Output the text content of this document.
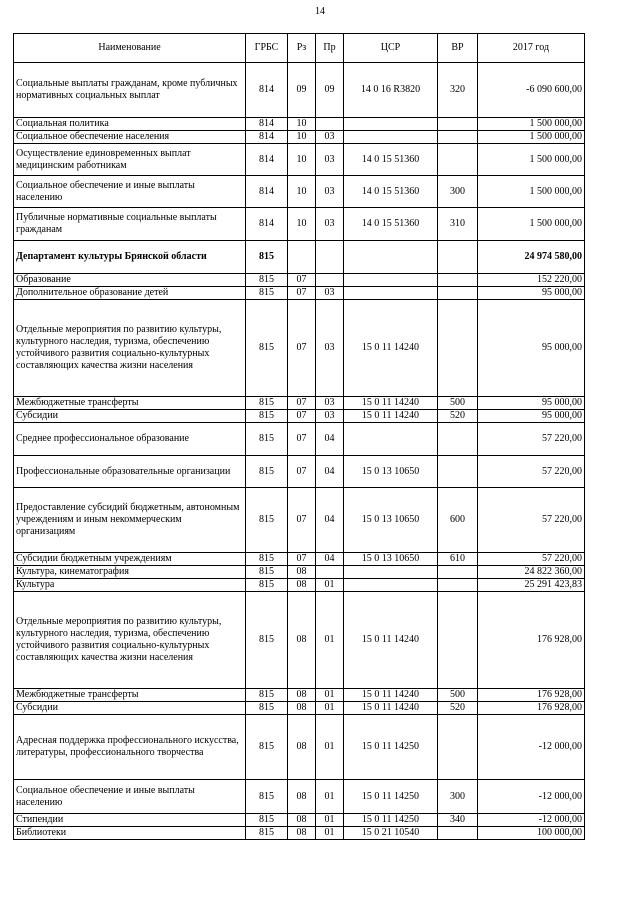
14
Наименование	ГРБС	Рз	Пр	ЦСР	ВР	2017 год
Социальные выплаты гражданам, кроме публичных нормативных социальных выплат	814	09	09	14 0 16 R3820	320	-6 090 600,00
Социальная политика	814	10				1 500 000,00
Социальное обеспечение населения	814	10	03			1 500 000,00
Осуществление единовременных выплат медицинским работникам	814	10	03	14 0 15 51360		1 500 000,00
Социальное обеспечение и иные выплаты населению	814	10	03	14 0 15 51360	300	1 500 000,00
Публичные нормативные социальные выплаты гражданам	814	10	03	14 0 15 51360	310	1 500 000,00
Департамент культуры Брянской области	815					24 974 580,00
Образование	815	07				152 220,00
Дополнительное образование детей	815	07	03			95 000,00
Отдельные мероприятия по развитию культуры, культурного наследия, туризма, обеспечению устойчивого развития социально-культурных составляющих качества жизни населения	815	07	03	15 0 11 14240		95 000,00
Межбюджетные трансферты	815	07	03	15 0 11 14240	500	95 000,00
Субсидии	815	07	03	15 0 11 14240	520	95 000,00
Среднее профессиональное образование	815	07	04			57 220,00
Профессиональные образовательные организации	815	07	04	15 0 13 10650		57 220,00
Предоставление субсидий бюджетным, автономным учреждениям и иным некоммерческим организациям	815	07	04	15 0 13 10650	600	57 220,00
Субсидии бюджетным учреждениям	815	07	04	15 0 13 10650	610	57 220,00
Культура, кинематография	815	08				24 822 360,00
Культура	815	08	01			25 291 423,83
Отдельные мероприятия по развитию культуры, культурного наследия, туризма, обеспечению устойчивого развития социально-культурных составляющих качества жизни населения	815	08	01	15 0 11 14240		176 928,00
Межбюджетные трансферты	815	08	01	15 0 11 14240	500	176 928,00
Субсидии	815	08	01	15 0 11 14240	520	176 928,00
Адресная поддержка профессионального искусства, литературы, профессионального творчества	815	08	01	15 0 11 14250		-12 000,00
Социальное обеспечение и иные выплаты населению	815	08	01	15 0 11 14250	300	-12 000,00
Стипендии	815	08	01	15 0 11 14250	340	-12 000,00
Библиотеки	815	08	01	15 0 21 10540		100 000,00
